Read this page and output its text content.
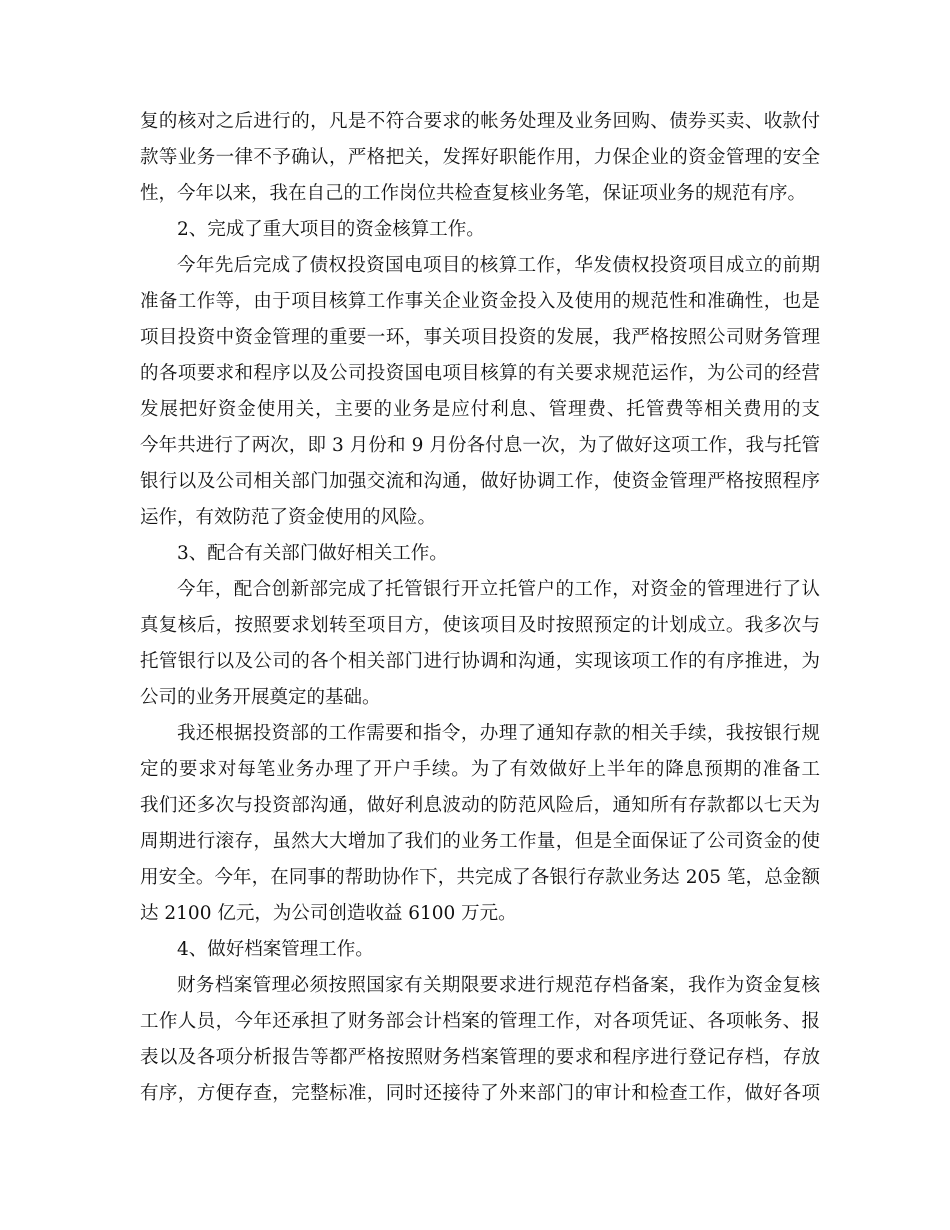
复的核对之后进行的，凡是不符合要求的帐务处理及业务回购、债券买卖、收款付
款等业务一律不予确认，严格把关，发挥好职能作用，力保企业的资金管理的安全
性，今年以来，我在自己的工作岗位共检查复核业务笔，保证项业务的规范有序。
2、完成了重大项目的资金核算工作。
今年先后完成了债权投资国电项目的核算工作，华发债权投资项目成立的前期
准备工作等，由于项目核算工作事关企业资金投入及使用的规范性和准确性，也是
项目投资中资金管理的重要一环，事关项目投资的发展，我严格按照公司财务管理
的各项要求和程序以及公司投资国电项目核算的有关要求规范运作，为公司的经营
发展把好资金使用关，主要的业务是应付利息、管理费、托管费等相关费用的支
今年共进行了两次，即 3 月份和 9 月份各付息一次，为了做好这项工作，我与托管
银行以及公司相关部门加强交流和沟通，做好协调工作，使资金管理严格按照程序
运作，有效防范了资金使用的风险。
3、配合有关部门做好相关工作。
今年，配合创新部完成了托管银行开立托管户的工作，对资金的管理进行了认
真复核后，按照要求划转至项目方，使该项目及时按照预定的计划成立。我多次与
托管银行以及公司的各个相关部门进行协调和沟通，实现该项工作的有序推进，为
公司的业务开展奠定的基础。
我还根据投资部的工作需要和指令，办理了通知存款的相关手续，我按银行规
定的要求对每笔业务办理了开户手续。为了有效做好上半年的降息预期的准备工
我们还多次与投资部沟通，做好利息波动的防范风险后，通知所有存款都以七天为
周期进行滚存，虽然大大增加了我们的业务工作量，但是全面保证了公司资金的使
用安全。今年，在同事的帮助协作下，共完成了各银行存款业务达 205 笔，总金额
达 2100 亿元，为公司创造收益 6100 万元。
4、做好档案管理工作。
财务档案管理必须按照国家有关期限要求进行规范存档备案，我作为资金复核
工作人员，今年还承担了财务部会计档案的管理工作，对各项凭证、各项帐务、报
表以及各项分析报告等都严格按照财务档案管理的要求和程序进行登记存档，存放
有序，方便存查，完整标准，同时还接待了外来部门的审计和检查工作，做好各项
